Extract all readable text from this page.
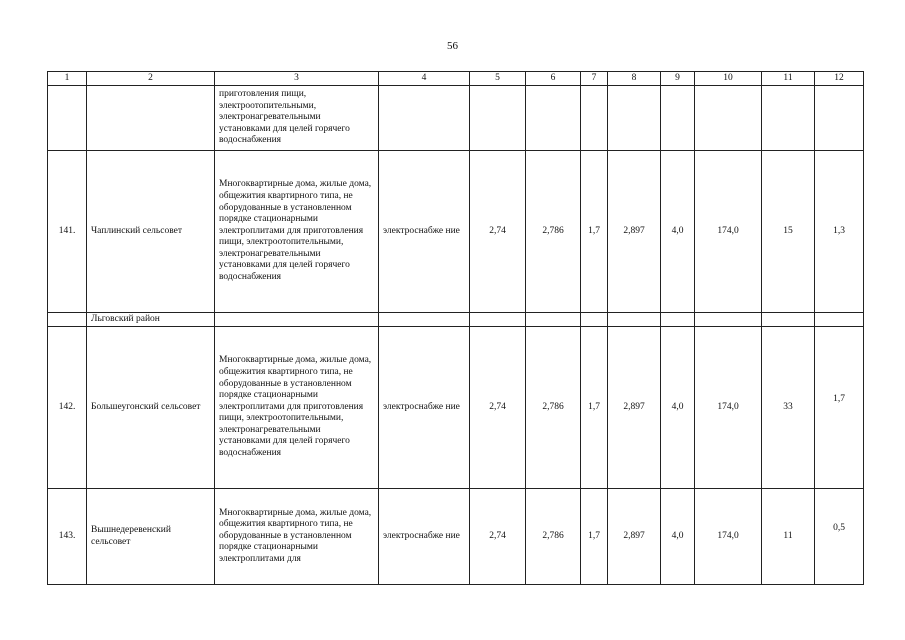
56
1	2	3	4	5	6	7	8	9	10	11	12
		приготовления пищи, электроотопительными, электронагревательными установками для целей горячего водоснабжения									
141.	Чаплинский сельсовет	Многоквартирные дома, жилые дома, общежития квартирного типа, не оборудованные в установленном порядке стационарными электроплитами для приготовления пищи, электроотопительными, электронагревательными установками для целей горячего водоснабжения	электроснабже ние	2,74	2,786	1,7	2,897	4,0	174,0	15	1,3
	Льговский район										
142.	Большеугонский сельсовет	Многоквартирные дома, жилые дома, общежития квартирного типа, не оборудованные в установленном порядке стационарными электроплитами для приготовления пищи, электроотопительными, электронагревательными установками для целей горячего водоснабжения	электроснабже ние	2,74	2,786	1,7	2,897	4,0	174,0	33	1,7
143.	Вышнедеревенский сельсовет	Многоквартирные дома, жилые дома, общежития квартирного типа, не оборудованные в установленном порядке стационарными электроплитами для	электроснабже ние	2,74	2,786	1,7	2,897	4,0	174,0	11	0,5
